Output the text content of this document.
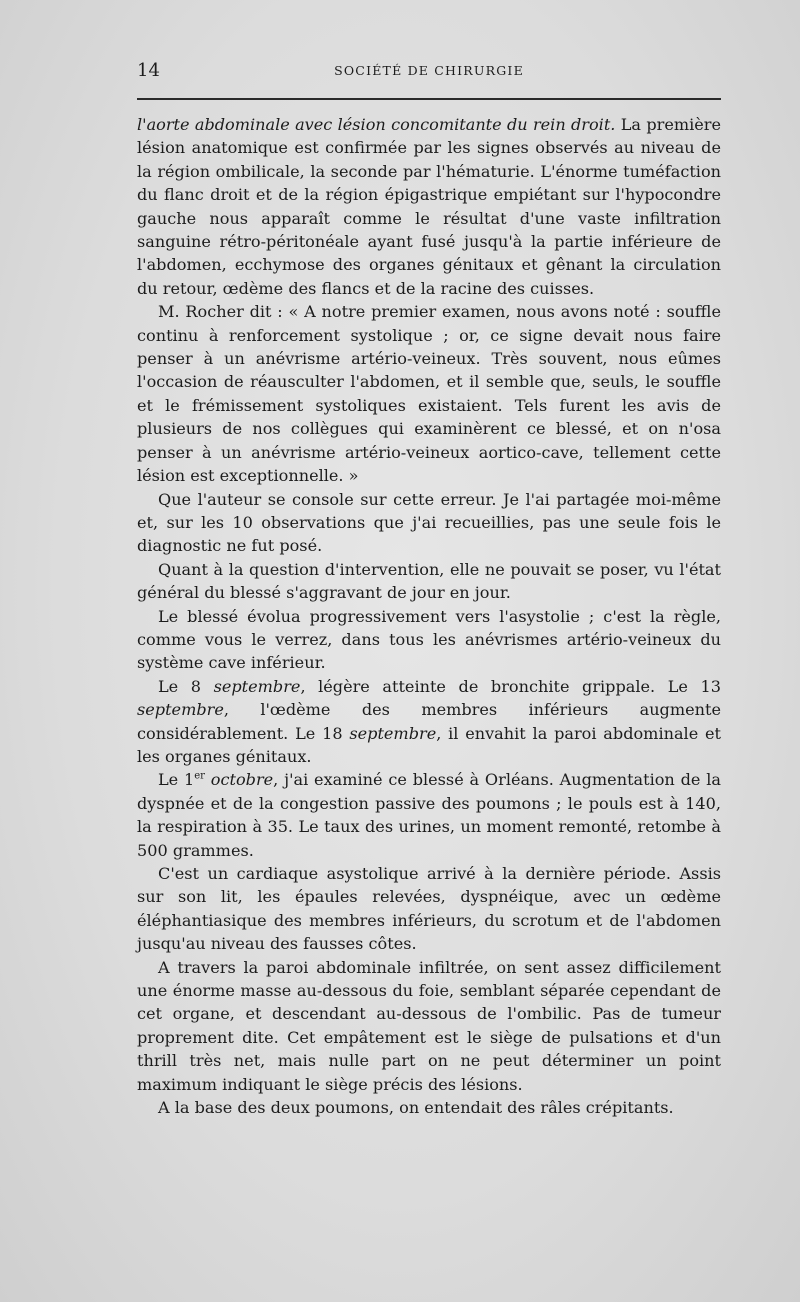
14	SOCIÉTÉ DE CHIRURGIE

l'aorte abdominale avec lésion concomitante du rein droit. La première lésion anatomique est confirmée par les signes observés au niveau de la région ombilicale, la seconde par l'hématurie. L'énorme tuméfaction du flanc droit et de la région épigastrique empiétant sur l'hypocondre gauche nous apparaît comme le résultat d'une vaste infiltration sanguine rétro-péritonéale ayant fusé jusqu'à la partie inférieure de l'abdomen, ecchymose des organes génitaux et gênant la circulation du retour, œdème des flancs et de la racine des cuisses.

M. Rocher dit : « A notre premier examen, nous avons noté : souffle continu à renforcement systolique ; or, ce signe devait nous faire penser à un anévrisme artério-veineux. Très souvent, nous eûmes l'occasion de réausculter l'abdomen, et il semble que, seuls, le souffle et le frémissement systoliques existaient. Tels furent les avis de plusieurs de nos collègues qui examinèrent ce blessé, et on n'osa penser à un anévrisme artério-veineux aortico-cave, tellement cette lésion est exceptionnelle. »

Que l'auteur se console sur cette erreur. Je l'ai partagée moi-même et, sur les 10 observations que j'ai recueillies, pas une seule fois le diagnostic ne fut posé.

Quant à la question d'intervention, elle ne pouvait se poser, vu l'état général du blessé s'aggravant de jour en jour.

Le blessé évolua progressivement vers l'asystolie ; c'est la règle, comme vous le verrez, dans tous les anévrismes artério-veineux du système cave inférieur.

Le 8 septembre, légère atteinte de bronchite grippale. Le 13 septembre, l'œdème des membres inférieurs augmente considérablement. Le 18 septembre, il envahit la paroi abdominale et les organes génitaux.

Le 1er octobre, j'ai examiné ce blessé à Orléans. Augmentation de la dyspnée et de la congestion passive des poumons ; le pouls est à 140, la respiration à 35. Le taux des urines, un moment remonté, retombe à 500 grammes.

C'est un cardiaque asystolique arrivé à la dernière période. Assis sur son lit, les épaules relevées, dyspnéique, avec un œdème éléphantiasique des membres inférieurs, du scrotum et de l'abdomen jusqu'au niveau des fausses côtes.

A travers la paroi abdominale infiltrée, on sent assez difficilement une énorme masse au-dessous du foie, semblant séparée cependant de cet organe, et descendant au-dessous de l'ombilic. Pas de tumeur proprement dite. Cet empâtement est le siège de pulsations et d'un thrill très net, mais nulle part on ne peut déterminer un point maximum indiquant le siège précis des lésions.

A la base des deux poumons, on entendait des râles crépitants.
